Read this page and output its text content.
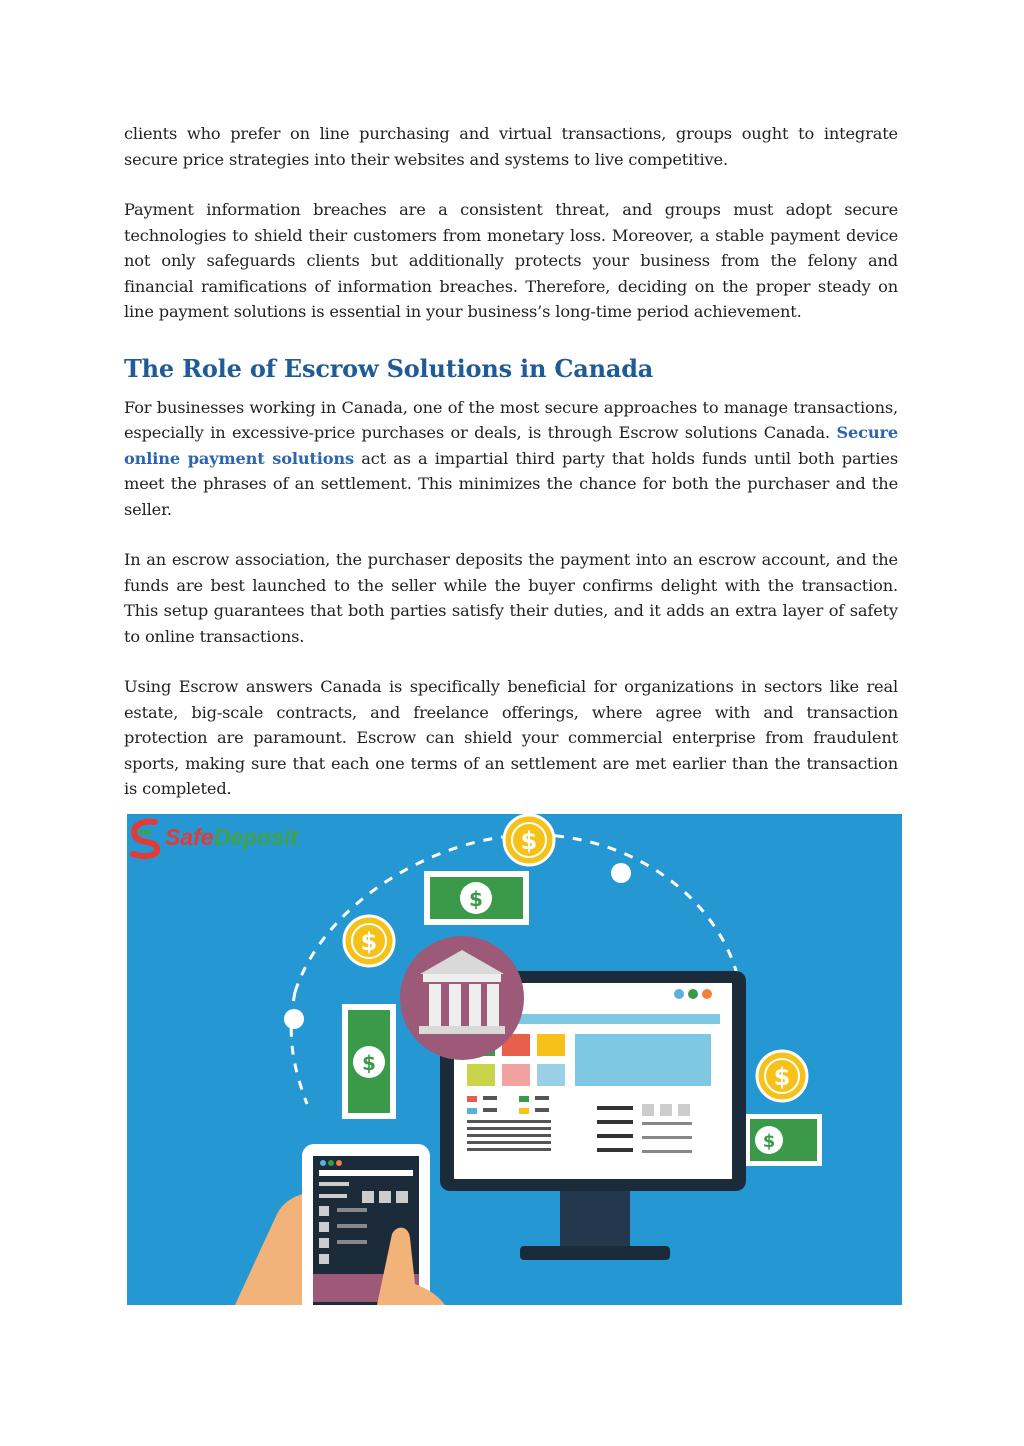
clients who prefer on line purchasing and virtual transactions, groups ought to integrate secure price strategies into their websites and systems to live competitive.

Payment information breaches are a consistent threat, and groups must adopt secure technologies to shield their customers from monetary loss. Moreover, a stable payment device not only safeguards clients but additionally protects your business from the felony and financial ramifications of information breaches. Therefore, deciding on the proper steady on line payment solutions is essential in your business’s long-time period achievement.

The Role of Escrow Solutions in Canada

For businesses working in Canada, one of the most secure approaches to manage transactions, especially in excessive-price purchases or deals, is through Escrow solutions Canada. Secure online payment solutions act as a impartial third party that holds funds until both parties meet the phrases of an settlement. This minimizes the chance for both the purchaser and the seller.

In an escrow association, the purchaser deposits the payment into an escrow account, and the funds are best launched to the seller while the buyer confirms delight with the transaction. This setup guarantees that both parties satisfy their duties, and it adds an extra layer of safety to online transactions.

Using Escrow answers Canada is specifically beneficial for organizations in sectors like real estate, big-scale contracts, and freelance offerings, where agree with and transaction protection are paramount. Escrow can shield your commercial enterprise from fraudulent sports, making sure that each one terms of an settlement are met earlier than the transaction is completed.

SafeDeposit	$
$
$
$
$
$
